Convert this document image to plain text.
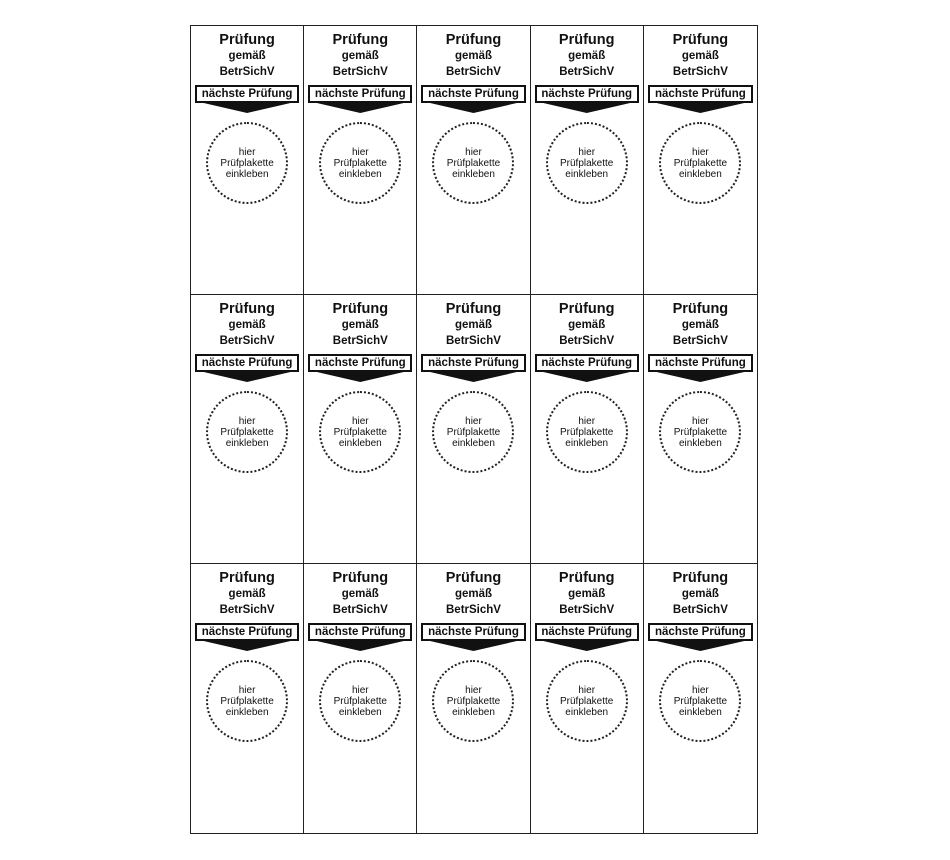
Prüfung
gemäß
BetrSichV
nächste Prüfung
hier
Prüfplakette
einkleben
Prüfung
gemäß
BetrSichV
nächste Prüfung
hier
Prüfplakette
einkleben
Prüfung
gemäß
BetrSichV
nächste Prüfung
hier
Prüfplakette
einkleben
Prüfung
gemäß
BetrSichV
nächste Prüfung
hier
Prüfplakette
einkleben
Prüfung
gemäß
BetrSichV
nächste Prüfung
hier
Prüfplakette
einkleben
Prüfung
gemäß
BetrSichV
nächste Prüfung
hier
Prüfplakette
einkleben
Prüfung
gemäß
BetrSichV
nächste Prüfung
hier
Prüfplakette
einkleben
Prüfung
gemäß
BetrSichV
nächste Prüfung
hier
Prüfplakette
einkleben
Prüfung
gemäß
BetrSichV
nächste Prüfung
hier
Prüfplakette
einkleben
Prüfung
gemäß
BetrSichV
nächste Prüfung
hier
Prüfplakette
einkleben
Prüfung
gemäß
BetrSichV
nächste Prüfung
hier
Prüfplakette
einkleben
Prüfung
gemäß
BetrSichV
nächste Prüfung
hier
Prüfplakette
einkleben
Prüfung
gemäß
BetrSichV
nächste Prüfung
hier
Prüfplakette
einkleben
Prüfung
gemäß
BetrSichV
nächste Prüfung
hier
Prüfplakette
einkleben
Prüfung
gemäß
BetrSichV
nächste Prüfung
hier
Prüfplakette
einkleben
